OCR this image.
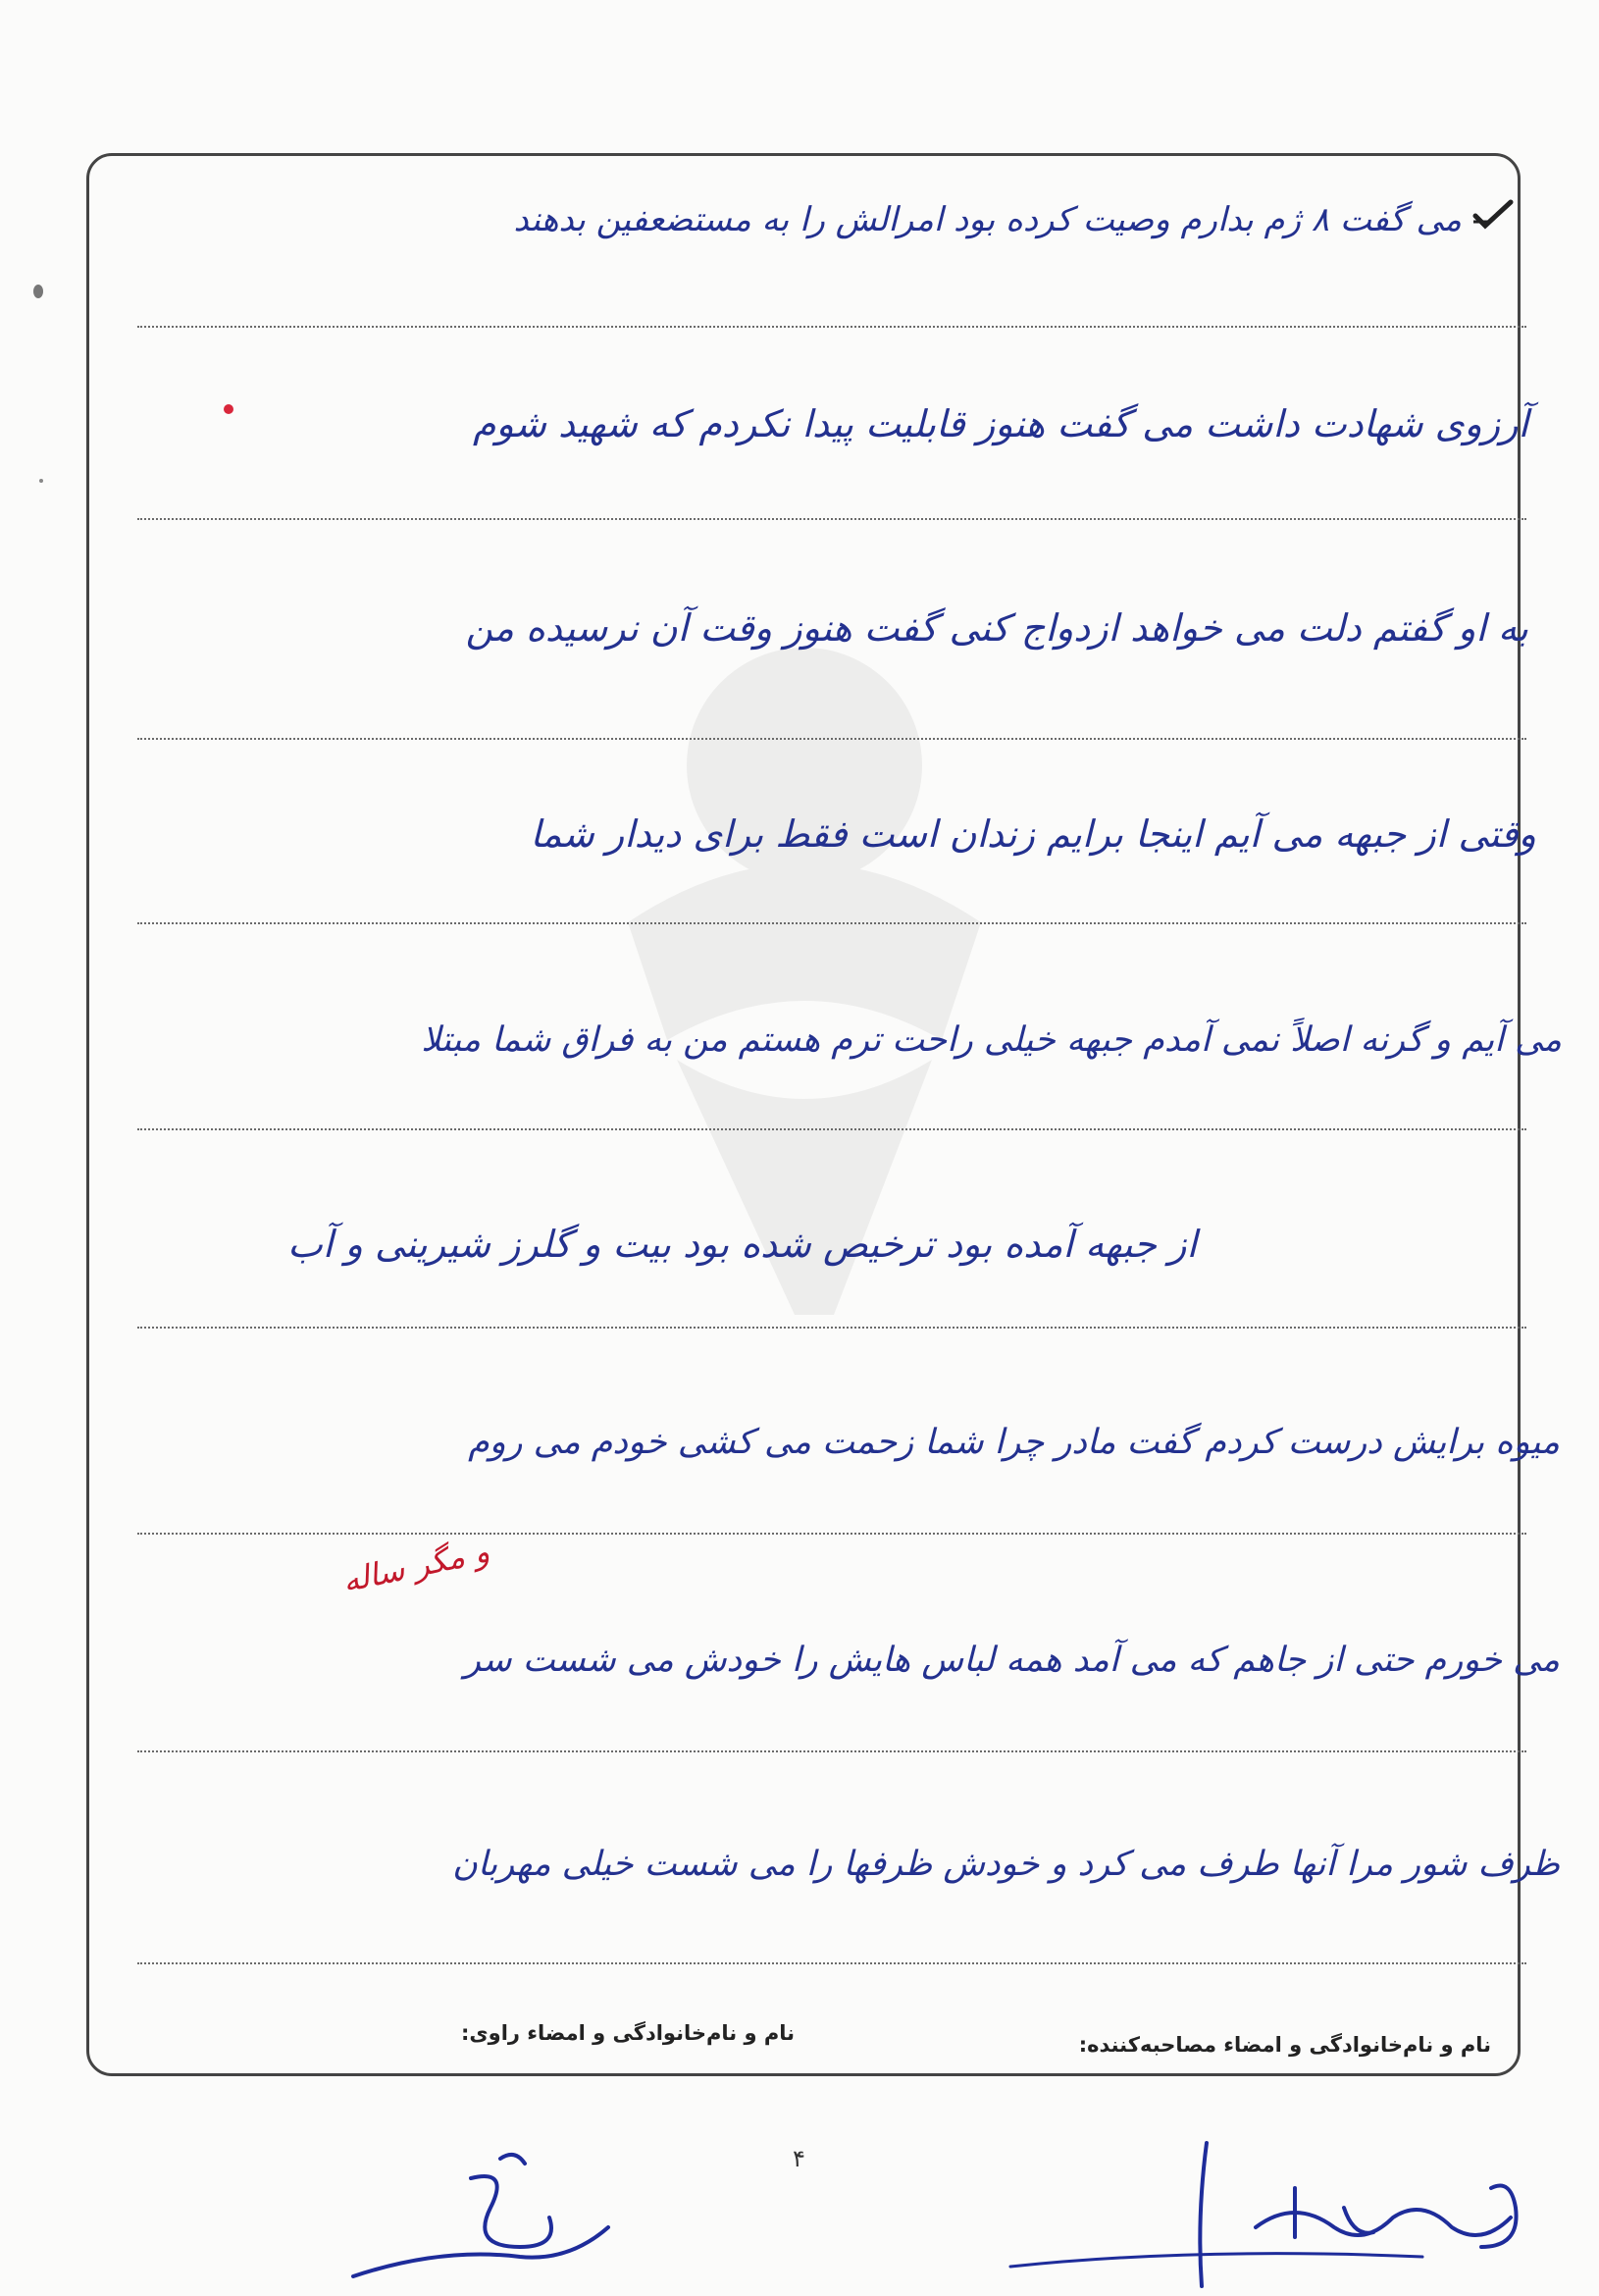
می گفت ۸ ژم بدارم وصیت کرده بود امرالش را به مستضعفین بدهند
آرزوی شهادت داشت می گفت هنوز قابلیت پیدا نکردم که شهید شوم
به او گفتم دلت می خواهد ازدواج کنی گفت هنوز وقت آن نرسیده من
وقتی از جبهه می آیم اینجا برایم زندان است فقط برای دیدار شما
می آیم و گرنه اصلاً نمی آمدم جبهه خیلی راحت ترم هستم من به فراق شما مبتلا
از جبهه آمده بود ترخیص شده بود بیت و گلرز شیرینی و آب
میوه برایش درست کردم گفت مادر چرا شما زحمت می کشی خودم می روم
و مگر ساله
می خورم حتی از جاهم که می آمد همه لباس هایش را خودش می شست سر
ظرف شور مرا آنها طرف می کرد و خودش ظرفها را می شست خیلی مهربان
نام و نام‌خانوادگی و امضاء مصاحبه‌کننده:
نام و نام‌خانوادگی و امضاء راوی:
۴
